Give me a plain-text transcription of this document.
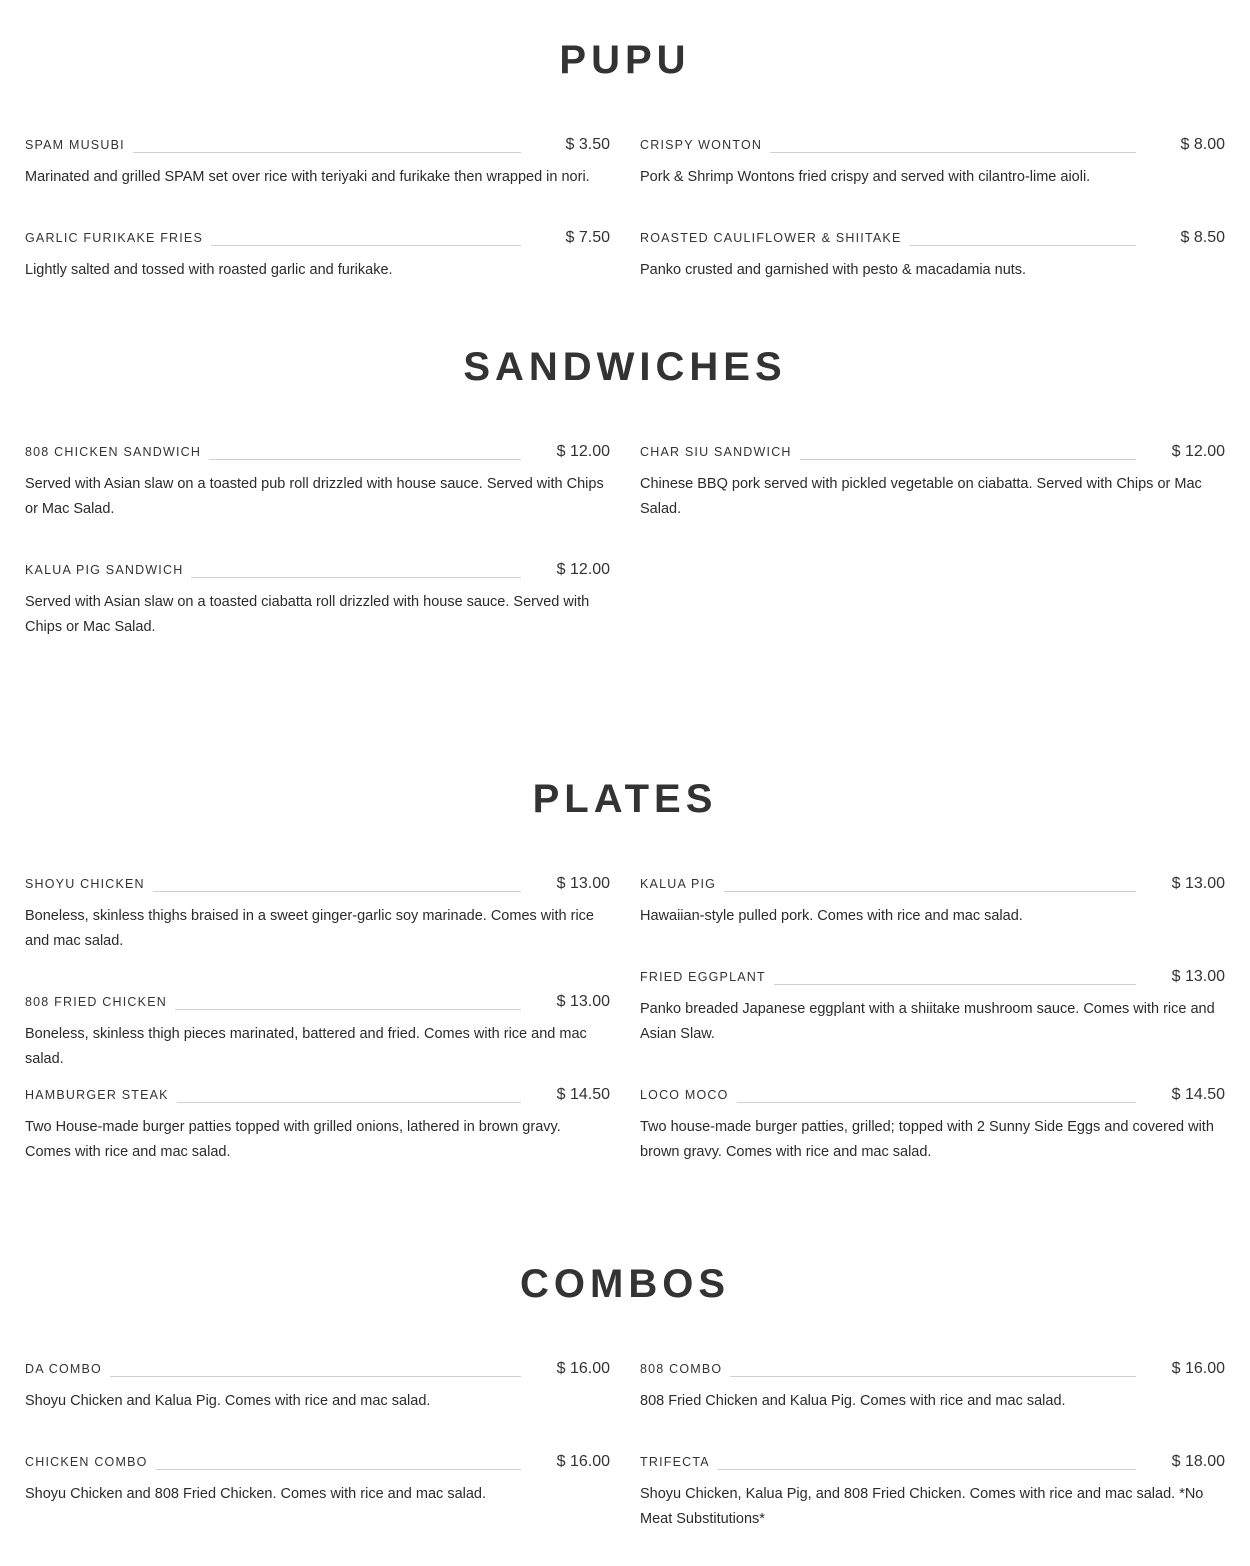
PUPU
SPAM MUSUBI	$ 3.50

Marinated and grilled SPAM set over rice with teriyaki and furikake then wrapped in nori.

CRISPY WONTON	$ 8.00

Pork & Shrimp Wontons fried crispy and served with cilantro-lime aioli.

GARLIC FURIKAKE FRIES	$ 7.50

Lightly salted and tossed with roasted garlic and furikake.

ROASTED CAULIFLOWER & SHIITAKE	$ 8.50

Panko crusted and garnished with pesto & macadamia nuts.

SANDWICHES
808 CHICKEN SANDWICH	$ 12.00

Served with Asian slaw on a toasted pub roll drizzled with house sauce. Served with Chips or Mac Salad.

CHAR SIU SANDWICH	$ 12.00

Chinese BBQ pork served with pickled vegetable on ciabatta. Served with Chips or Mac Salad.

KALUA PIG SANDWICH	$ 12.00

Served with Asian slaw on a toasted ciabatta roll drizzled with house sauce. Served with Chips or Mac Salad.

PLATES
SHOYU CHICKEN	$ 13.00

Boneless, skinless thighs braised in a sweet ginger-garlic soy marinade. Comes with rice and mac salad.

KALUA PIG	$ 13.00

Hawaiian-style pulled pork. Comes with rice and mac salad.

FRIED EGGPLANT	$ 13.00

Panko breaded Japanese eggplant with a shiitake mushroom sauce. Comes with rice and Asian Slaw.

808 FRIED CHICKEN	$ 13.00

Boneless, skinless thigh pieces marinated, battered and fried. Comes with rice and mac salad.

HAMBURGER STEAK	$ 14.50

Two House-made burger patties topped with grilled onions, lathered in brown gravy. Comes with rice and mac salad.

LOCO MOCO	$ 14.50

Two house-made burger patties, grilled; topped with 2 Sunny Side Eggs and covered with brown gravy. Comes with rice and mac salad.

COMBOS
DA COMBO	$ 16.00

Shoyu Chicken and Kalua Pig. Comes with rice and mac salad.

808 COMBO	$ 16.00

808 Fried Chicken and Kalua Pig. Comes with rice and mac salad.

CHICKEN COMBO	$ 16.00

Shoyu Chicken and 808 Fried Chicken. Comes with rice and mac salad.

TRIFECTA	$ 18.00

Shoyu Chicken, Kalua Pig, and 808 Fried Chicken. Comes with rice and mac salad. *No Meat Substitutions*
